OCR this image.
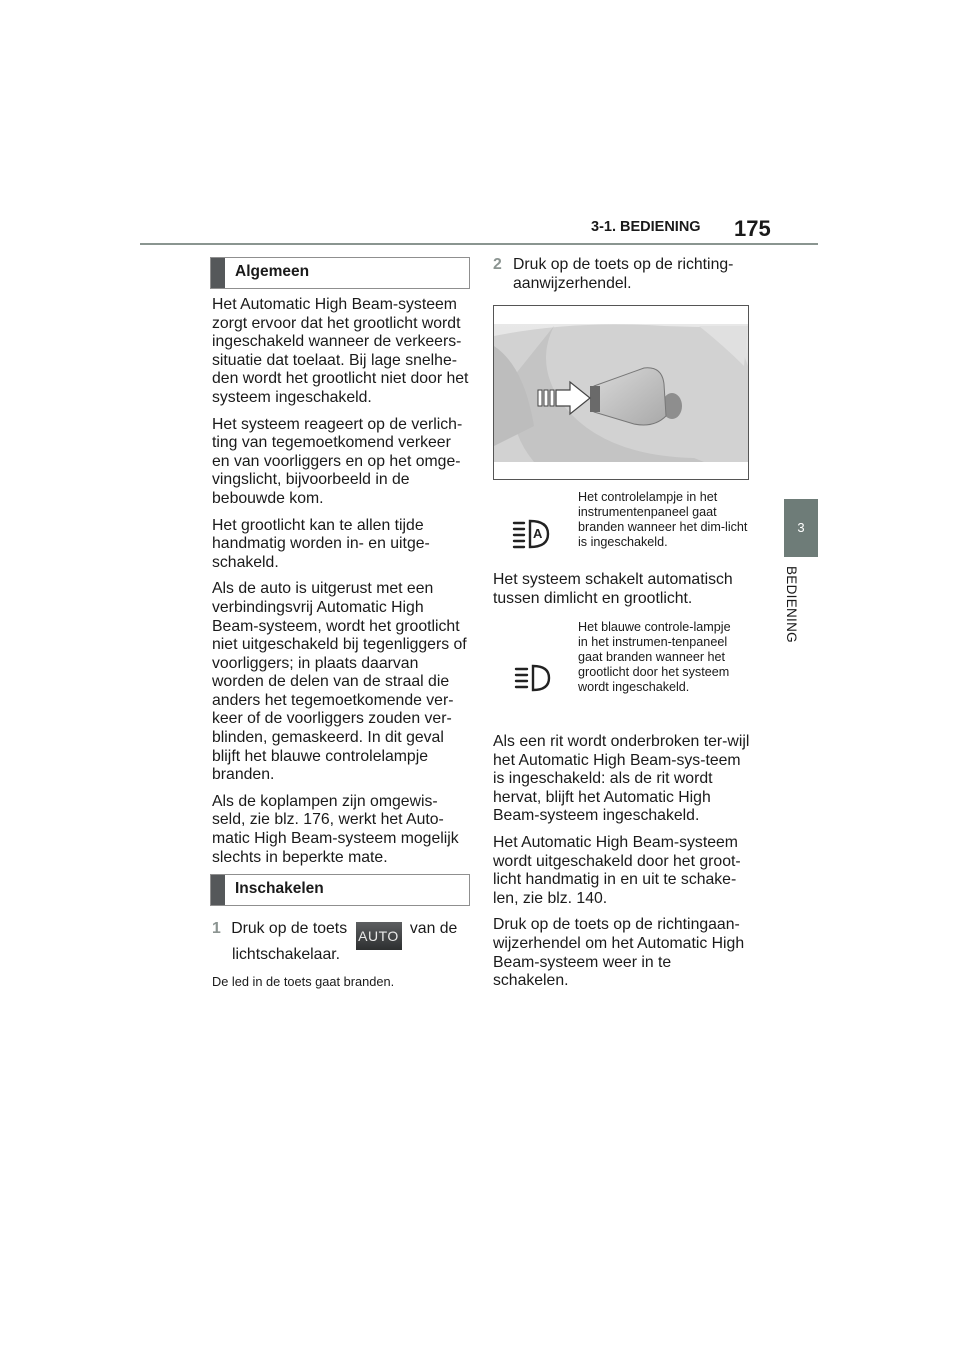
3-1. BEDIENING 175
3
BEDIENING
Algemeen

Het Automatic High Beam-systeem zorgt ervoor dat het grootlicht wordt ingeschakeld wanneer de verkeers-situatie dat toelaat. Bij lage snelhe-den wordt het grootlicht niet door het systeem ingeschakeld.

Het systeem reageert op de verlich-ting van tegemoetkomend verkeer en van voorliggers en op het omge-vingslicht, bijvoorbeeld in de bebouwde kom.

Het grootlicht kan te allen tijde handmatig worden in- en uitge-schakeld.

Als de auto is uitgerust met een verbindingsvrij Automatic High Beam-systeem, wordt het grootlicht niet uitgeschakeld bij tegenliggers of voorliggers; in plaats daarvan worden de delen van de straal die anders het tegemoetkomende ver-keer of de voorliggers zouden ver-blinden, gemaskeerd. In dit geval blijft het blauwe controlelampje branden.

Als de koplampen zijn omgewis-seld, zie blz. 176, werkt het Auto-matic High Beam-systeem mogelijk slechts in beperkte mate.

Inschakelen
1 Druk op de toets AUTO van de
lichtschakelaar.
De led in de toets gaat branden.
2 Druk op de toets op de richting-aanwijzerhendel.
A
Het controlelampje in het instrumentenpaneel gaat branden wanneer het dim-licht is ingeschakeld.

Het systeem schakelt automatisch tussen dimlicht en grootlicht.

Het blauwe controle-lampje in het instrumen-tenpaneel gaat branden wanneer het grootlicht door het systeem wordt ingeschakeld.

Als een rit wordt onderbroken ter-wijl het Automatic High Beam-sys-teem is ingeschakeld: als de rit wordt hervat, blijft het Automatic High Beam-systeem ingeschakeld.

Het Automatic High Beam-systeem wordt uitgeschakeld door het groot-licht handmatig in en uit te schake-len, zie blz. 140.

Druk op de toets op de richtingaan-wijzerhendel om het Automatic High Beam-systeem weer in te schakelen.
